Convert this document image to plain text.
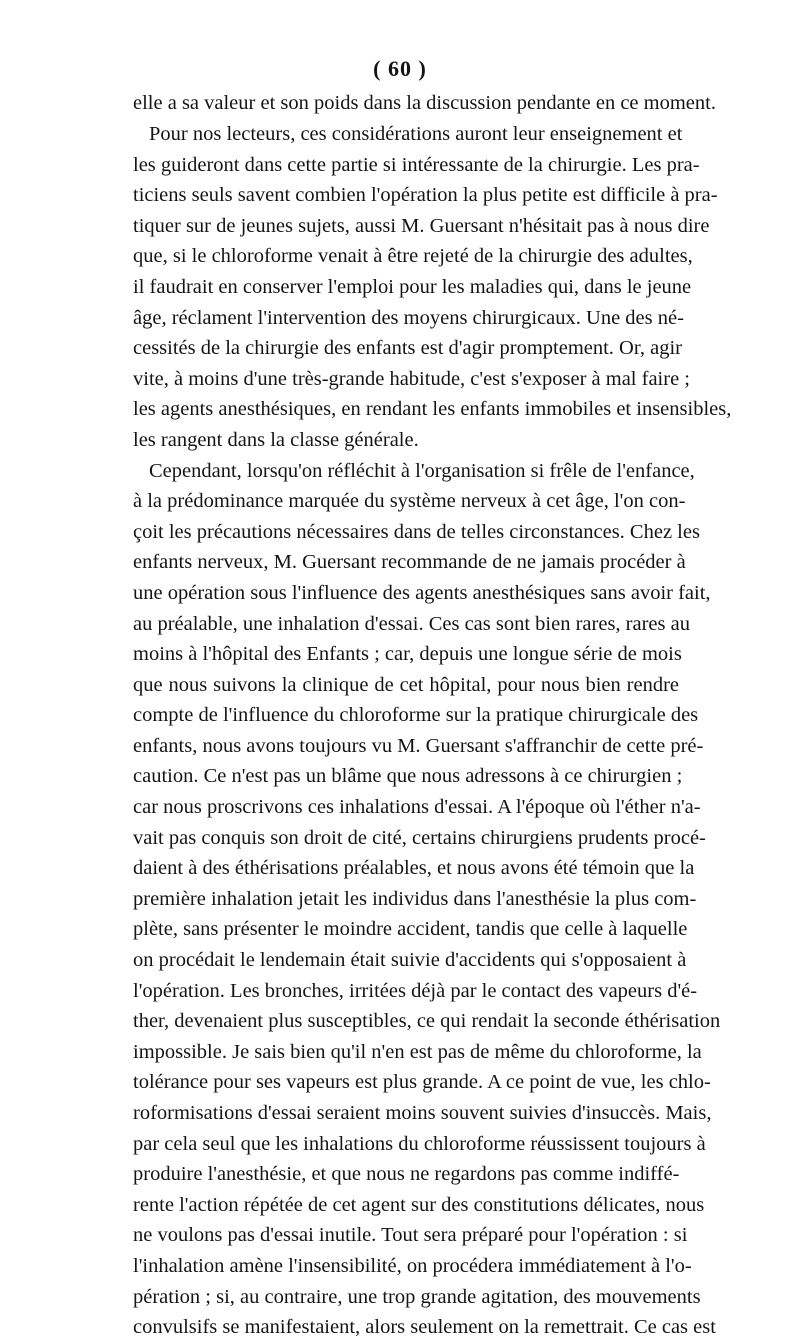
( 60 )
elle a sa valeur et son poids dans la discussion pendante en ce moment.
Pour nos lecteurs, ces considérations auront leur enseignement et
les guideront dans cette partie si intéressante de la chirurgie. Les pra-
ticiens seuls savent combien l'opération la plus petite est difficile à pra-
tiquer sur de jeunes sujets, aussi M. Guersant n'hésitait pas à nous dire
que, si le chloroforme venait à être rejeté de la chirurgie des adultes,
il faudrait en conserver l'emploi pour les maladies qui, dans le jeune
âge, réclament l'intervention des moyens chirurgicaux. Une des né-
cessités de la chirurgie des enfants est d'agir promptement. Or, agir
vite, à moins d'une très-grande habitude, c'est s'exposer à mal faire ;
les agents anesthésiques, en rendant les enfants immobiles et insensibles,
les rangent dans la classe générale.
Cependant, lorsqu'on réfléchit à l'organisation si frêle de l'enfance,
à la prédominance marquée du système nerveux à cet âge, l'on con-
çoit les précautions nécessaires dans de telles circonstances. Chez les
enfants nerveux, M. Guersant recommande de ne jamais procéder à
une opération sous l'influence des agents anesthésiques sans avoir fait,
au préalable, une inhalation d'essai. Ces cas sont bien rares, rares au
moins à l'hôpital des Enfants ; car, depuis une longue série de mois
que nous suivons la clinique de cet hôpital, pour nous bien rendre
compte de l'influence du chloroforme sur la pratique chirurgicale des
enfants, nous avons toujours vu M. Guersant s'affranchir de cette pré-
caution. Ce n'est pas un blâme que nous adressons à ce chirurgien ;
car nous proscrivons ces inhalations d'essai. A l'époque où l'éther n'a-
vait pas conquis son droit de cité, certains chirurgiens prudents procé-
daient à des éthérisations préalables, et nous avons été témoin que la
première inhalation jetait les individus dans l'anesthésie la plus com-
plète, sans présenter le moindre accident, tandis que celle à laquelle
on procédait le lendemain était suivie d'accidents qui s'opposaient à
l'opération. Les bronches, irritées déjà par le contact des vapeurs d'é-
ther, devenaient plus susceptibles, ce qui rendait la seconde éthérisation
impossible. Je sais bien qu'il n'en est pas de même du chloroforme, la
tolérance pour ses vapeurs est plus grande. A ce point de vue, les chlo-
roformisations d'essai seraient moins souvent suivies d'insuccès. Mais,
par cela seul que les inhalations du chloroforme réussissent toujours à
produire l'anesthésie, et que nous ne regardons pas comme indiffé-
rente l'action répétée de cet agent sur des constitutions délicates, nous
ne voulons pas d'essai inutile. Tout sera préparé pour l'opération : si
l'inhalation amène l'insensibilité, on procédera immédiatement à l'o-
pération ; si, au contraire, une trop grande agitation, des mouvements
convulsifs se manifestaient, alors seulement on la remettrait. Ce cas est
